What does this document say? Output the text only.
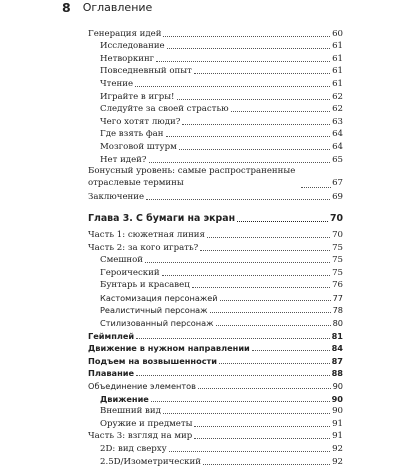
8 Оглавление
Генерация идей	60
Исследование	61
Нетворкинг	61
Повседневный опыт	61
Чтение	61
Играйте в игры!	62
Следуйте за своей страстью	62
Чего хотят люди?	63
Где взять фан	64
Мозговой штурм	64
Нет идей?	65
Бонусный уровень: самые распространенные отраслевые термины	67
Заключение	69
Глава 3. С бумаги на экран	70
Часть 1: сюжетная линия	70
Часть 2: за кого играть?	75
Смешной	75
Героический	75
Бунтарь и красавец	76
Кастомизация персонажей	77
Реалистичный персонаж	78
Стилизованный персонаж	80
Геймплей	81
Движение в нужном направлении	84
Подъем на возвышенности	87
Плавание	88
Объединение элементов	90
Движение	90
Внешний вид	90
Оружие и предметы	91
Часть 3: взгляд на мир	91
2D: вид сверху	92
2.5D/Изометрический	92
